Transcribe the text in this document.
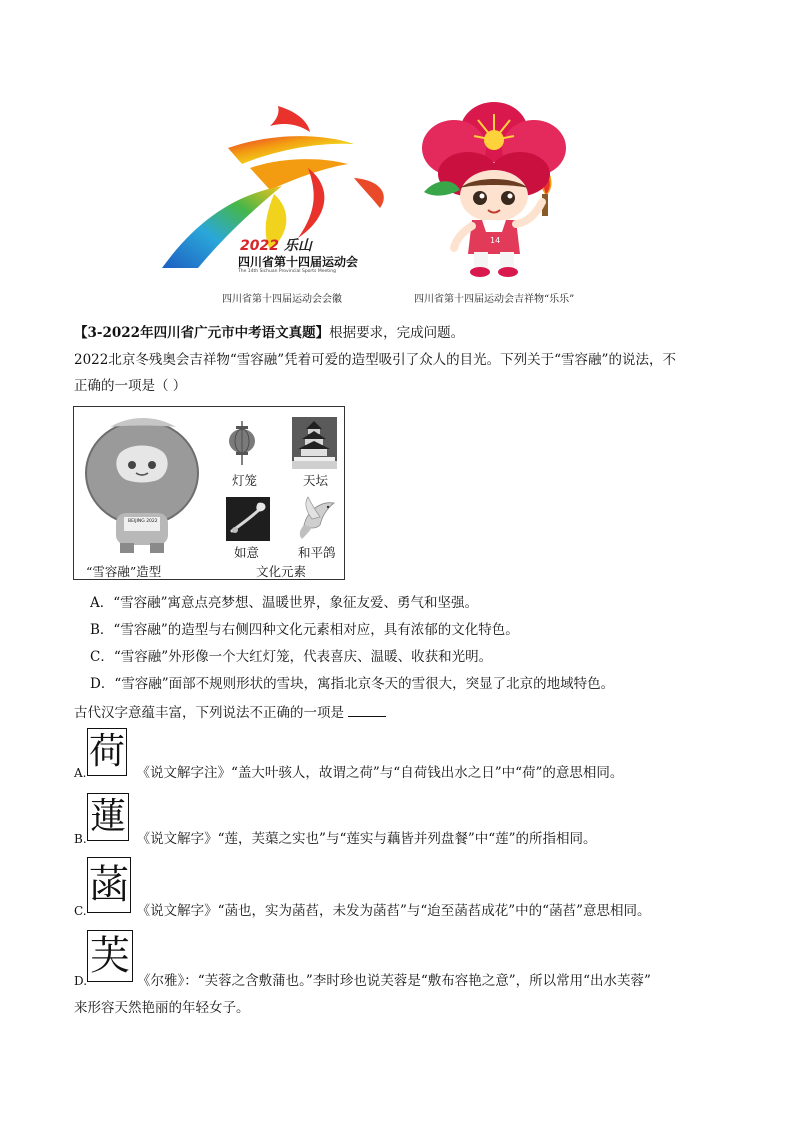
2022 乐山
四川省第十四届运动会
The 14th Sichuan Provincial Sports Meeting
四川省第十四届运动会会徽
14
四川省第十四届运动会吉祥物“乐乐”
【3-2022年四川省广元市中考语文真题】根据要求，完成问题。
2022北京冬残奥会吉祥物“雪容融”凭着可爱的造型吸引了众人的目光。下列关于“雪容融”的说法，不
正确的一项是（ ）
BEIJING 2022
灯笼	天坛
如意	和平鸽
“雪容融”造型	文化元素
A．“雪容融”寓意点亮梦想、温暖世界，象征友爱、勇气和坚强。
B．“雪容融”的造型与右侧四种文化元素相对应，具有浓郁的文化特色。
C．“雪容融”外形像一个大红灯笼，代表喜庆、温暖、收获和光明。
D．“雪容融”面部不规则形状的雪块，寓指北京冬天的雪很大，突显了北京的地域特色。
古代汉字意蕴丰富，下列说法不正确的一项是
荷
A.	《说文解字注》“盖大叶骇人，故谓之荷”与“自荷钱出水之日”中“荷”的意思相同。
蓮
B.	《说文解字》“莲，芙蕖之实也”与“莲实与藕皆并列盘餐”中“莲”的所指相同。
菡
C.	《说文解字》“菡也，实为菡萏，未发为菡萏”与“迨至菡萏成花”中的“菡萏”意思相同。
芙
D.	《尔雅》：“芙蓉之含敷蒲也。”李时珍也说芙蓉是“敷布容艳之意”，所以常用“出水芙蓉”
来形容天然艳丽的年轻女子。
